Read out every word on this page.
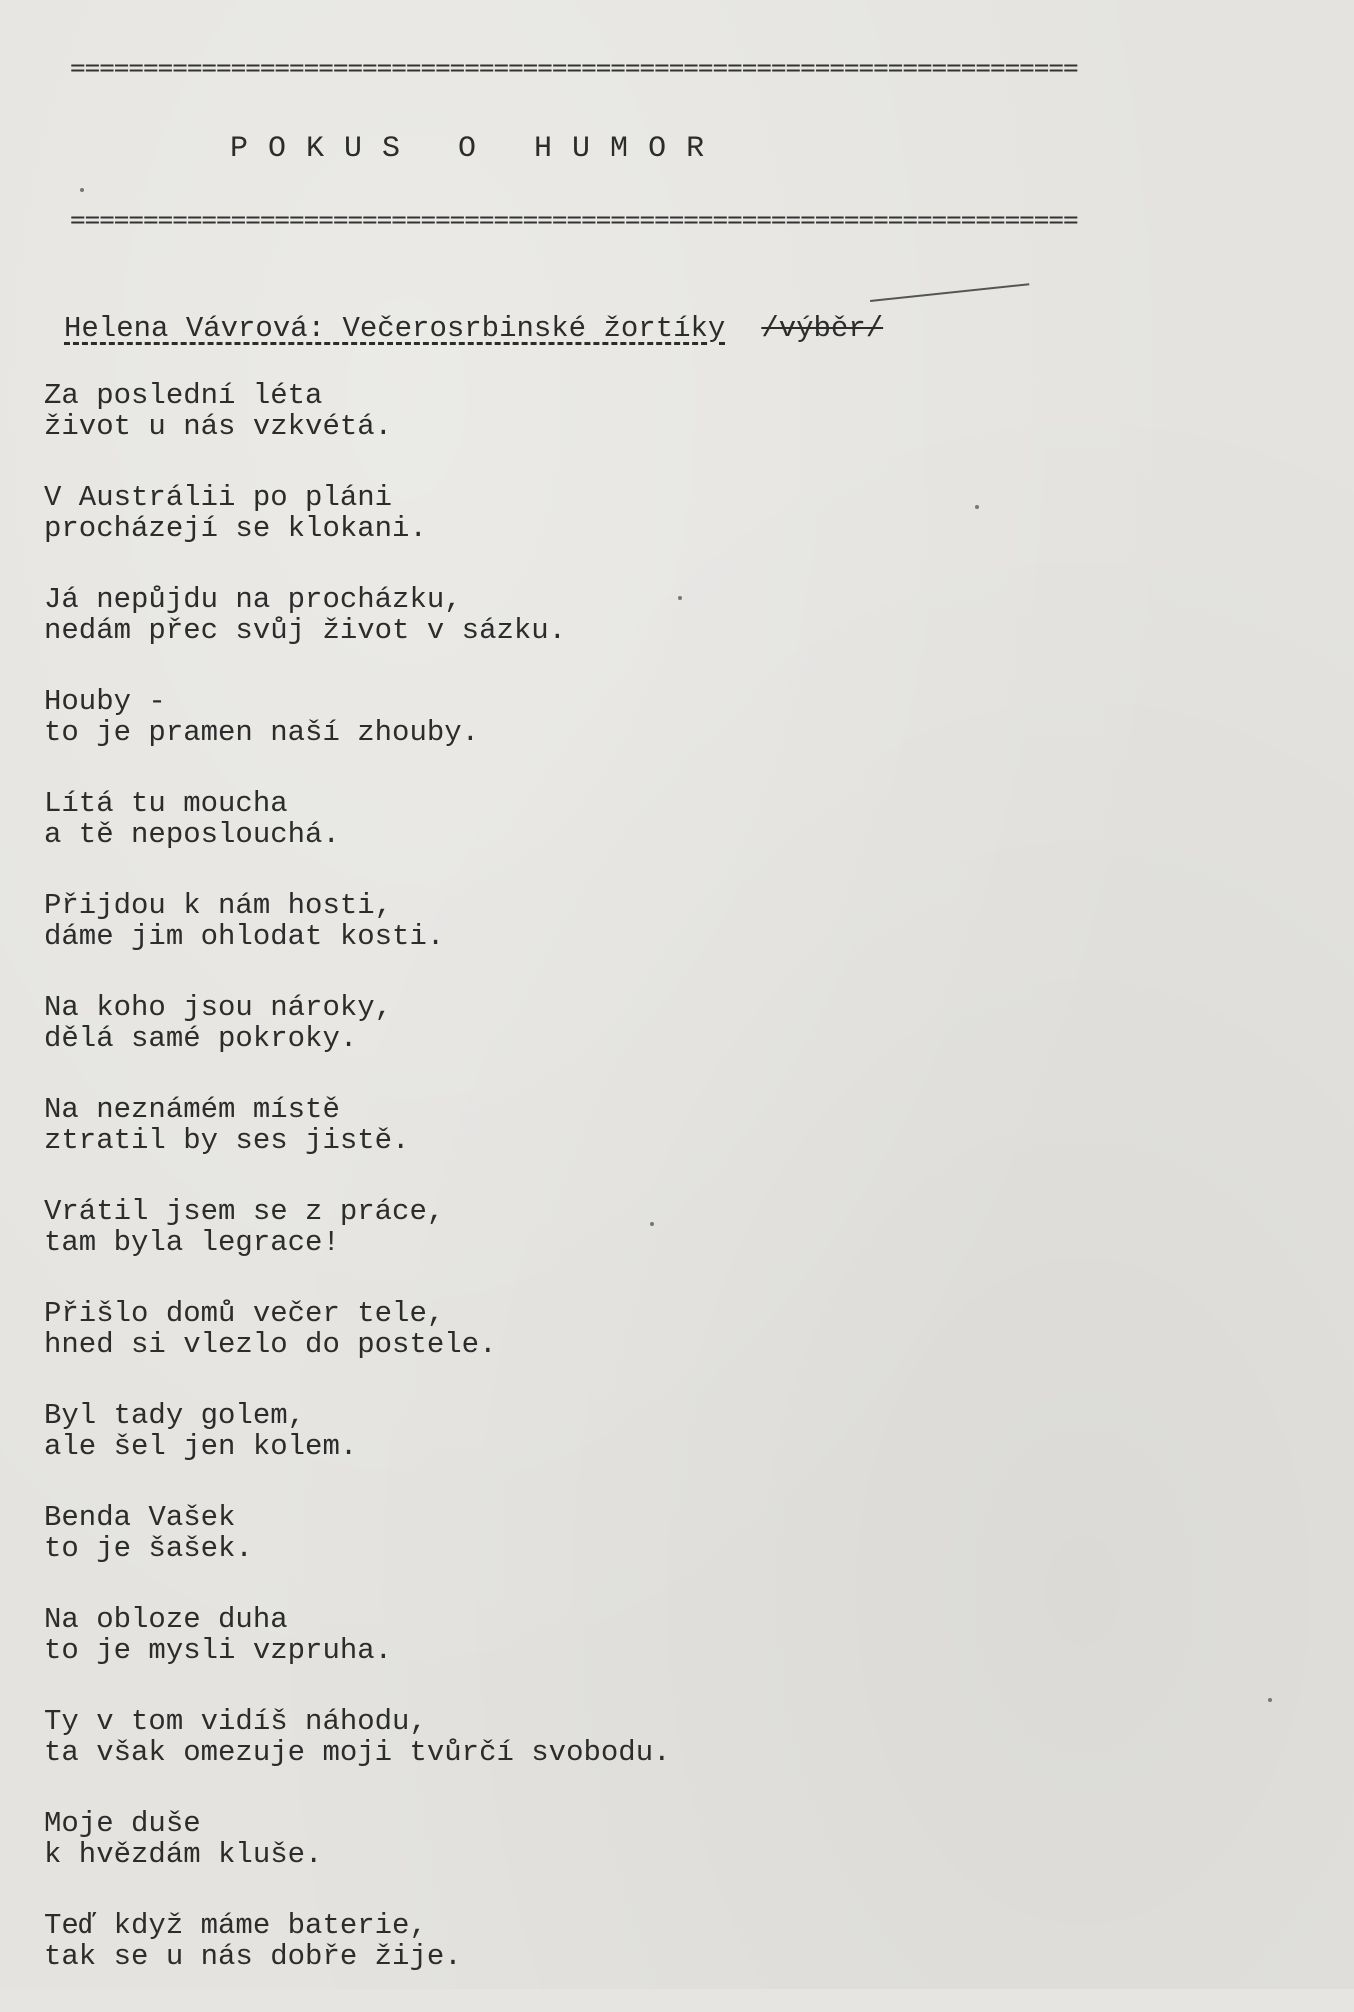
=====================================================================
P O K U S   O   H U M O R
=====================================================================
Helena Vávrová: Večerosrbinské žortíky /výběr/
Za poslední léta
život u nás vzkvétá.
V Austrálii po pláni
procházejí se klokani.
Já nepůjdu na procházku,
nedám přec svůj život v sázku.
Houby -
to je pramen naší zhouby.
Lítá tu moucha
a tě neposlouchá.
Přijdou k nám hosti,
dáme jim ohlodat kosti.
Na koho jsou nároky,
dělá samé pokroky.
Na neznámém místě
ztratil by ses jistě.
Vrátil jsem se z práce,
tam byla legrace!
Přišlo domů večer tele,
hned si vlezlo do postele.
Byl tady golem,
ale šel jen kolem.
Benda Vašek
to je šašek.
Na obloze duha
to je mysli vzpruha.
Ty v tom vidíš náhodu,
ta však omezuje moji tvůrčí svobodu.
Moje duše
k hvězdám kluše.
Teď když máme baterie,
tak se u nás dobře žije.
